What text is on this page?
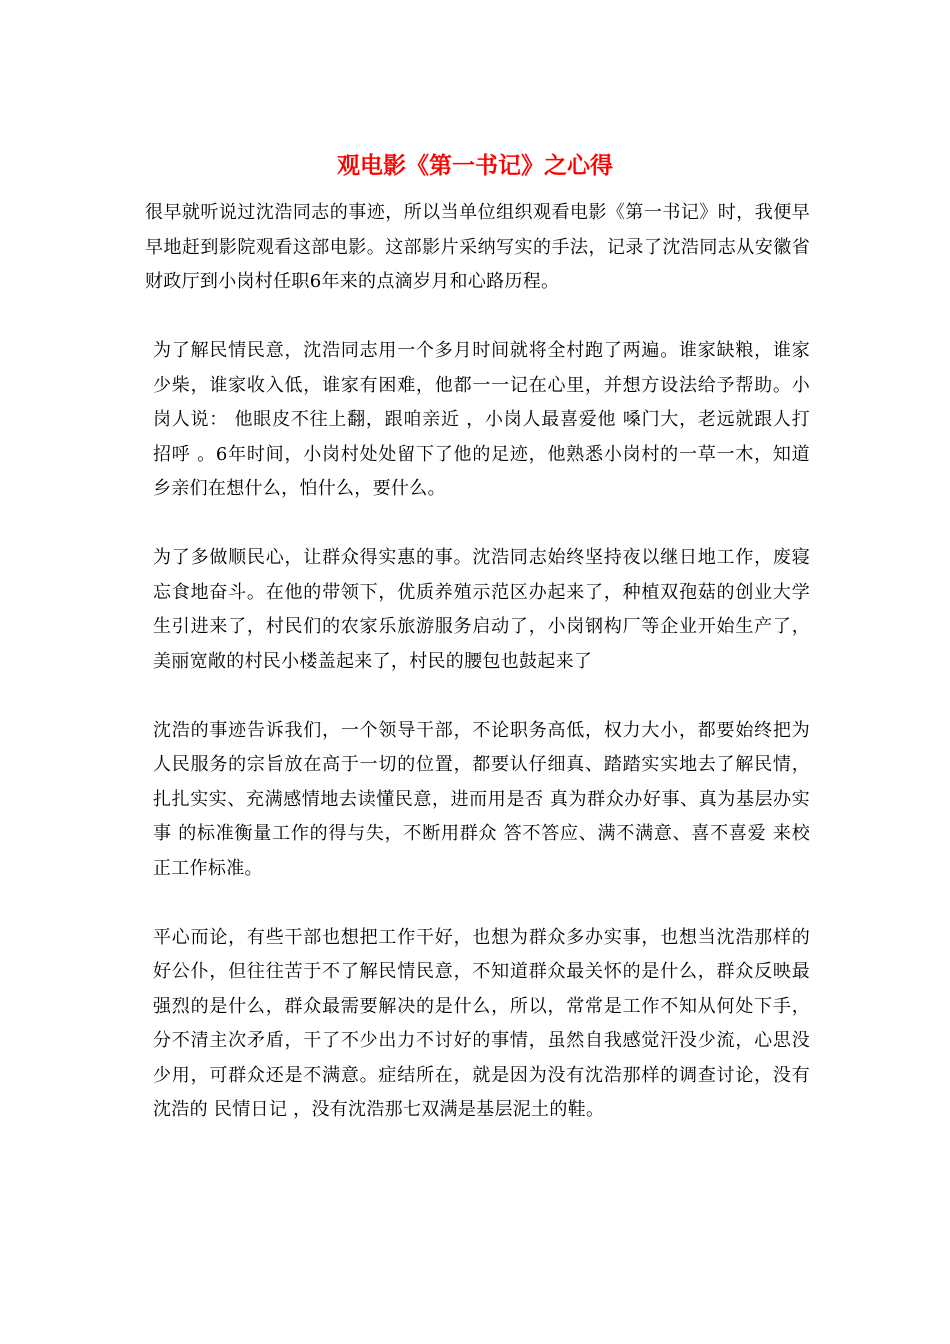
观电影《第一书记》之心得

很早就听说过沈浩同志的事迹，所以当单位组织观看电影《第一书记》时，我便早早地赶到影院观看这部电影。这部影片采纳写实的手法，记录了沈浩同志从安徽省财政厅到小岗村任职6年来的点滴岁月和心路历程。

为了解民情民意，沈浩同志用一个多月时间就将全村跑了两遍。谁家缺粮，谁家少柴，谁家收入低，谁家有困难，他都一一记在心里，并想方设法给予帮助。小岗人说： 他眼皮不往上翻，跟咱亲近 ，小岗人最喜爱他 嗓门大，老远就跟人打招呼 。6年时间，小岗村处处留下了他的足迹，他熟悉小岗村的一草一木，知道乡亲们在想什么，怕什么，要什么。

为了多做顺民心，让群众得实惠的事。沈浩同志始终坚持夜以继日地工作，废寝忘食地奋斗。在他的带领下，优质养殖示范区办起来了，种植双孢菇的创业大学生引进来了，村民们的农家乐旅游服务启动了，小岗钢构厂等企业开始生产了，美丽宽敞的村民小楼盖起来了，村民的腰包也鼓起来了

沈浩的事迹告诉我们，一个领导干部，不论职务高低，权力大小，都要始终把为人民服务的宗旨放在高于一切的位置，都要认仔细真、踏踏实实地去了解民情，扎扎实实、充满感情地去读懂民意，进而用是否 真为群众办好事、真为基层办实事 的标准衡量工作的得与失，不断用群众 答不答应、满不满意、喜不喜爱 来校正工作标准。

平心而论，有些干部也想把工作干好，也想为群众多办实事，也想当沈浩那样的好公仆，但往往苦于不了解民情民意，不知道群众最关怀的是什么，群众反映最强烈的是什么，群众最需要解决的是什么，所以，常常是工作不知从何处下手，分不清主次矛盾，干了不少出力不讨好的事情，虽然自我感觉汗没少流，心思没少用，可群众还是不满意。症结所在，就是因为没有沈浩那样的调查讨论，没有沈浩的 民情日记 ，没有沈浩那七双满是基层泥土的鞋。
